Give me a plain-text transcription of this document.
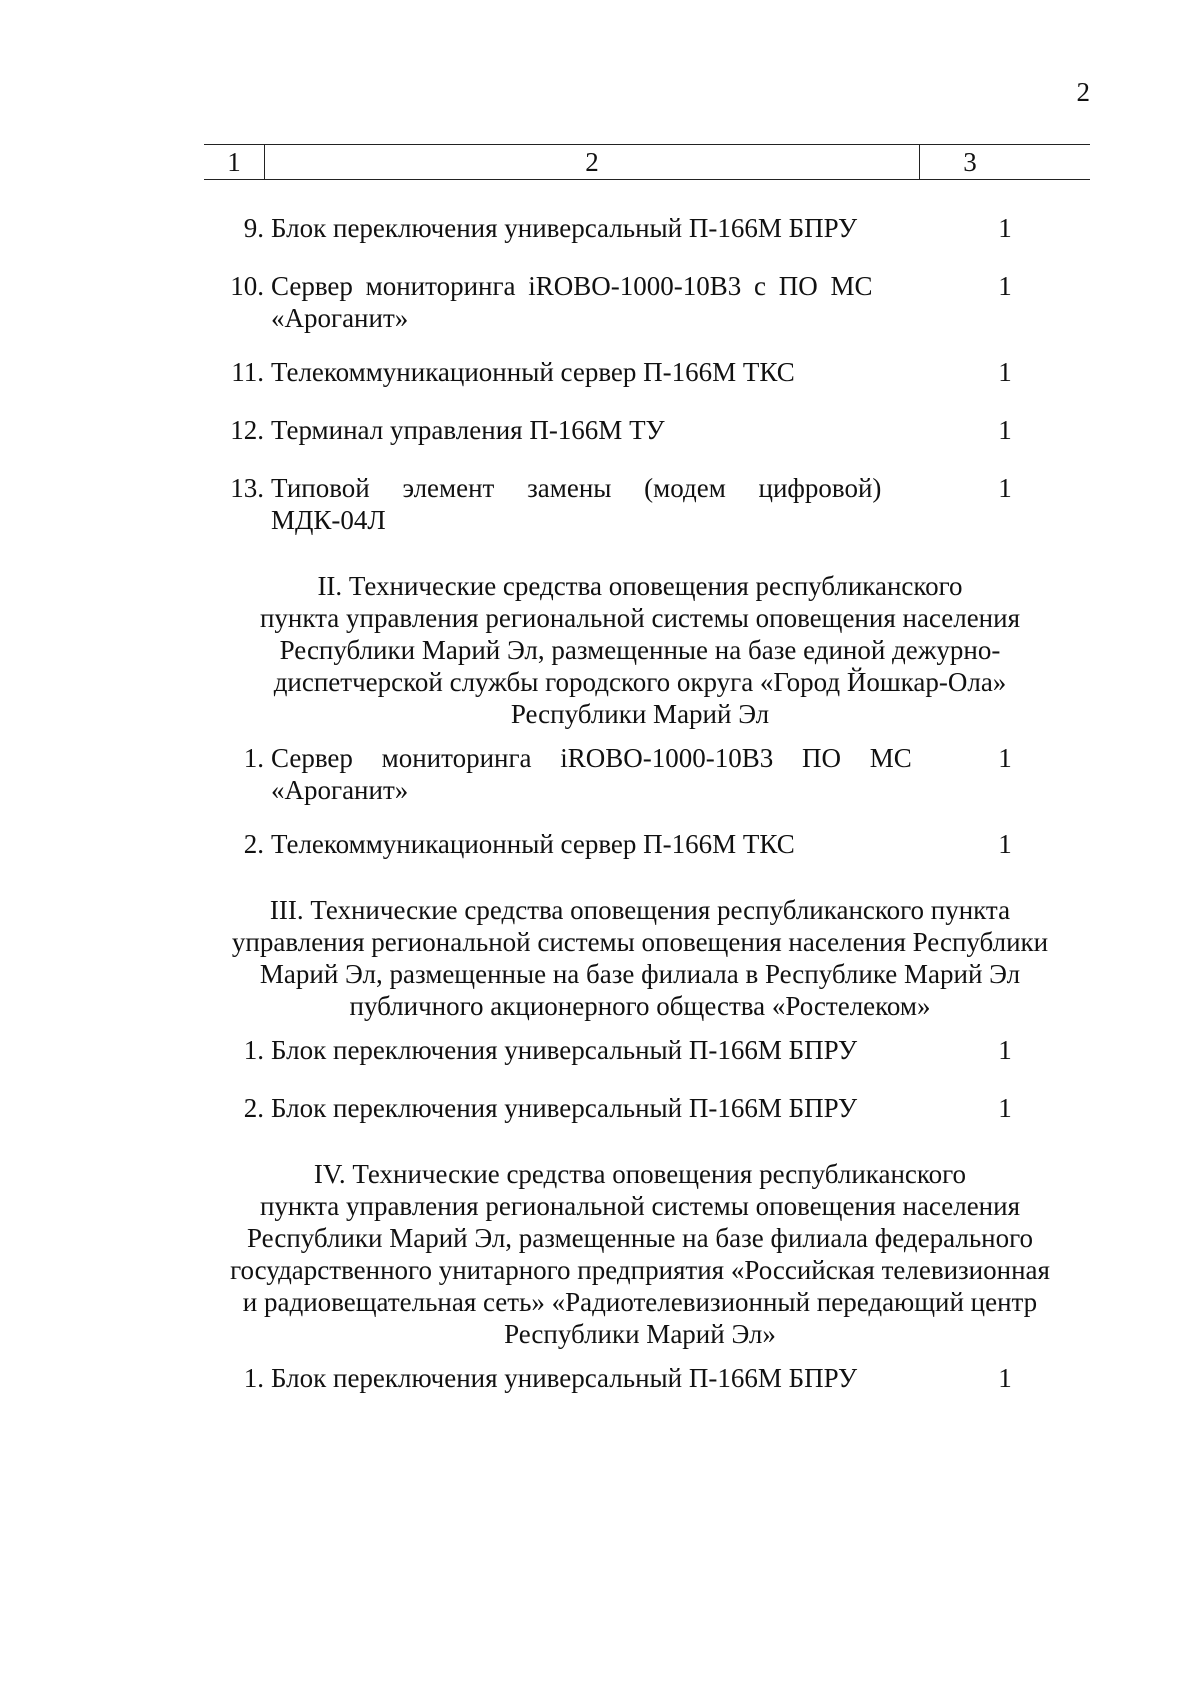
2
1	2	3
9. Блок переключения универсальный П-166М БПРУ	1
10. Сервер мониторинга iROBO-1000-10B3 с ПО МС	1
«Ароганит»
11. Телекоммуникационный сервер П-166М ТКС	1
12. Терминал управления П-166М ТУ	1
13. Типовой элемент замены (модем цифровой)	1
МДК-04Л
II. Технические средства оповещения республиканского
пункта управления региональной системы оповещения населения
Республики Марий Эл, размещенные на базе единой дежурно-
диспетчерской службы городского округа «Город Йошкар-Ола»
Республики Марий Эл
1. Сервер мониторинга iROBO-1000-10B3 ПО МС	1
«Ароганит»
2. Телекоммуникационный сервер П-166М ТКС	1
III. Технические средства оповещения республиканского пункта
управления региональной системы оповещения населения Республики
Марий Эл, размещенные на базе филиала в Республике Марий Эл
публичного акционерного общества «Ростелеком»
1. Блок переключения универсальный П-166М БПРУ	1
2. Блок переключения универсальный П-166М БПРУ	1
IV. Технические средства оповещения республиканского
пункта управления региональной системы оповещения населения
Республики Марий Эл, размещенные на базе филиала федерального
государственного унитарного предприятия «Российская телевизионная
и радиовещательная сеть» «Радиотелевизионный передающий центр
Республики Марий Эл»
1. Блок переключения универсальный П-166М БПРУ	1
